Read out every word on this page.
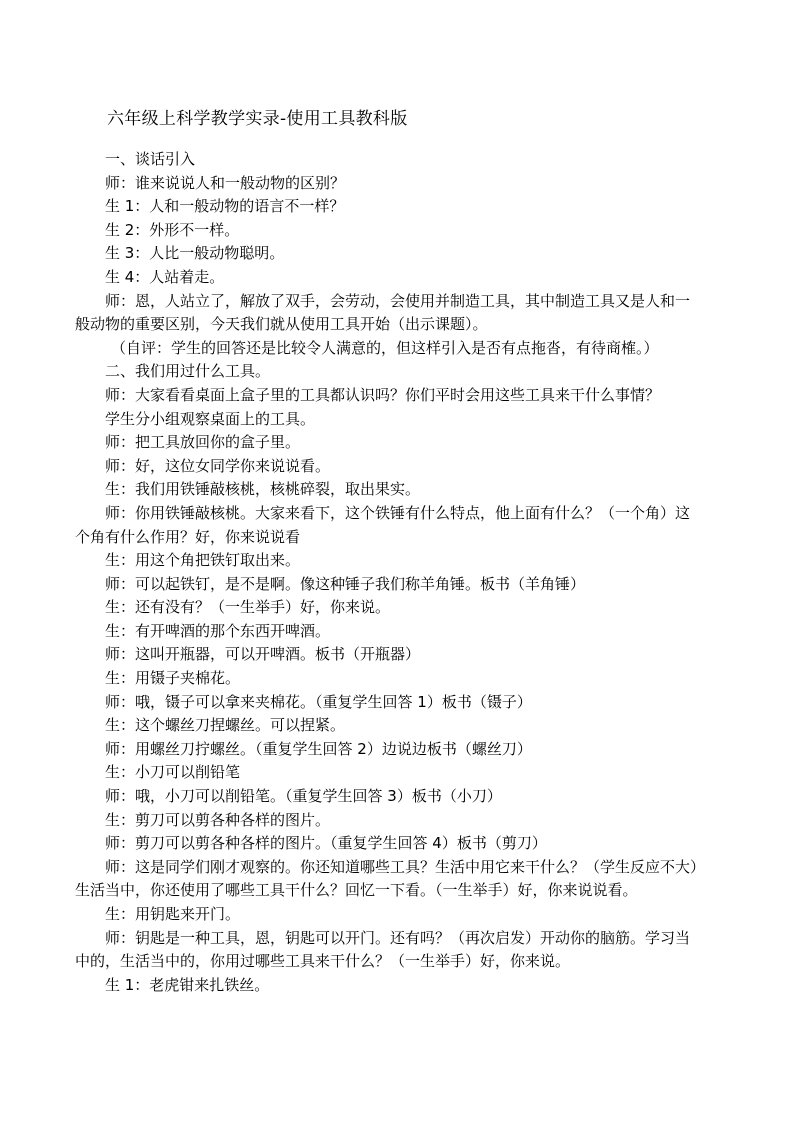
六年级上科学教学实录-使用工具教科版
一、谈话引入
师：谁来说说人和一般动物的区别？
生 1：人和一般动物的语言不一样？
生 2：外形不一样。
生 3：人比一般动物聪明。
生 4：人站着走。
师：恩，人站立了，解放了双手，会劳动，会使用并制造工具，其中制造工具又是人和一
般动物的重要区别，今天我们就从使用工具开始（出示课题）。
（自评：学生的回答还是比较令人满意的，但这样引入是否有点拖沓，有待商榷。）
二、我们用过什么工具。
师：大家看看桌面上盒子里的工具都认识吗？你们平时会用这些工具来干什么事情？
学生分小组观察桌面上的工具。
师：把工具放回你的盒子里。
师：好，这位女同学你来说说看。
生：我们用铁锤敲核桃，核桃碎裂，取出果实。
师：你用铁锤敲核桃。大家来看下，这个铁锤有什么特点，他上面有什么？（一个角）这
个角有什么作用？好，你来说说看
生：用这个角把铁钉取出来。
师：可以起铁钉，是不是啊。像这种锤子我们称羊角锤。板书（羊角锤）
生：还有没有？（一生举手）好，你来说。
生：有开啤酒的那个东西开啤酒。
师：这叫开瓶器，可以开啤酒。板书（开瓶器）
生：用镊子夹棉花。
师：哦，镊子可以拿来夹棉花。（重复学生回答 1）板书（镊子）
生：这个螺丝刀捏螺丝。可以捏紧。
师：用螺丝刀拧螺丝。（重复学生回答 2）边说边板书（螺丝刀）
生：小刀可以削铅笔
师：哦，小刀可以削铅笔。（重复学生回答 3）板书（小刀）
生：剪刀可以剪各种各样的图片。
师：剪刀可以剪各种各样的图片。（重复学生回答 4）板书（剪刀）
师：这是同学们刚才观察的。你还知道哪些工具？生活中用它来干什么？（学生反应不大）
生活当中，你还使用了哪些工具干什么？回忆一下看。（一生举手）好，你来说说看。
生：用钥匙来开门。
师：钥匙是一种工具，恩，钥匙可以开门。还有吗？（再次启发）开动你的脑筋。学习当
中的，生活当中的，你用过哪些工具来干什么？（一生举手）好，你来说。
生 1：老虎钳来扎铁丝。
